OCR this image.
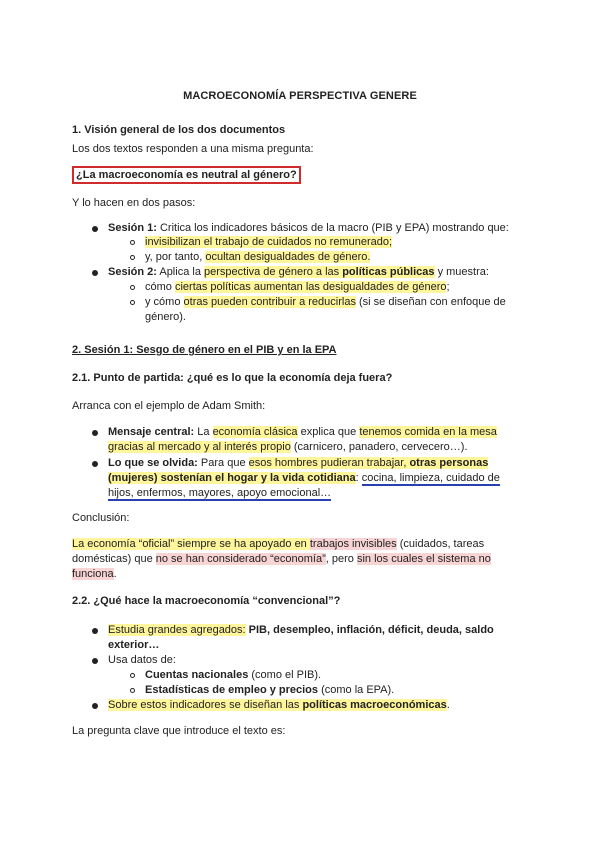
MACROECONOMÍA PERSPECTIVA GENERE
1. Visión general de los dos documentos
Los dos textos responden a una misma pregunta:
¿La macroeconomía es neutral al género?
Y lo hacen en dos pasos:
Sesión 1: Critica los indicadores básicos de la macro (PIB y EPA) mostrando que:
invisibilizan el trabajo de cuidados no remunerado;
y, por tanto, ocultan desigualdades de género.
Sesión 2: Aplica la perspectiva de género a las políticas públicas y muestra:
cómo ciertas políticas aumentan las desigualdades de género;
y cómo otras pueden contribuir a reducirlas (si se diseñan con enfoque de
género).
2. Sesión 1: Sesgo de género en el PIB y en la EPA
2.1. Punto de partida: ¿qué es lo que la economía deja fuera?
Arranca con el ejemplo de Adam Smith:
Mensaje central: La economía clásica explica que tenemos comida en la mesa
gracias al mercado y al interés propio (carnicero, panadero, cervecero…).
Lo que se olvida: Para que esos hombres pudieran trabajar, otras personas
(mujeres) sostenían el hogar y la vida cotidiana: cocina, limpieza, cuidado de
hijos, enfermos, mayores, apoyo emocional…
Conclusión:
La economía “oficial” siempre se ha apoyado en trabajos invisibles (cuidados, tareas
domésticas) que no se han considerado “economía”, pero sin los cuales el sistema no
funciona.
2.2. ¿Qué hace la macroeconomía “convencional”?
Estudia grandes agregados: PIB, desempleo, inflación, déficit, deuda, saldo
exterior…
Usa datos de:
Cuentas nacionales (como el PIB).
Estadísticas de empleo y precios (como la EPA).
Sobre estos indicadores se diseñan las políticas macroeconómicas.
La pregunta clave que introduce el texto es:
